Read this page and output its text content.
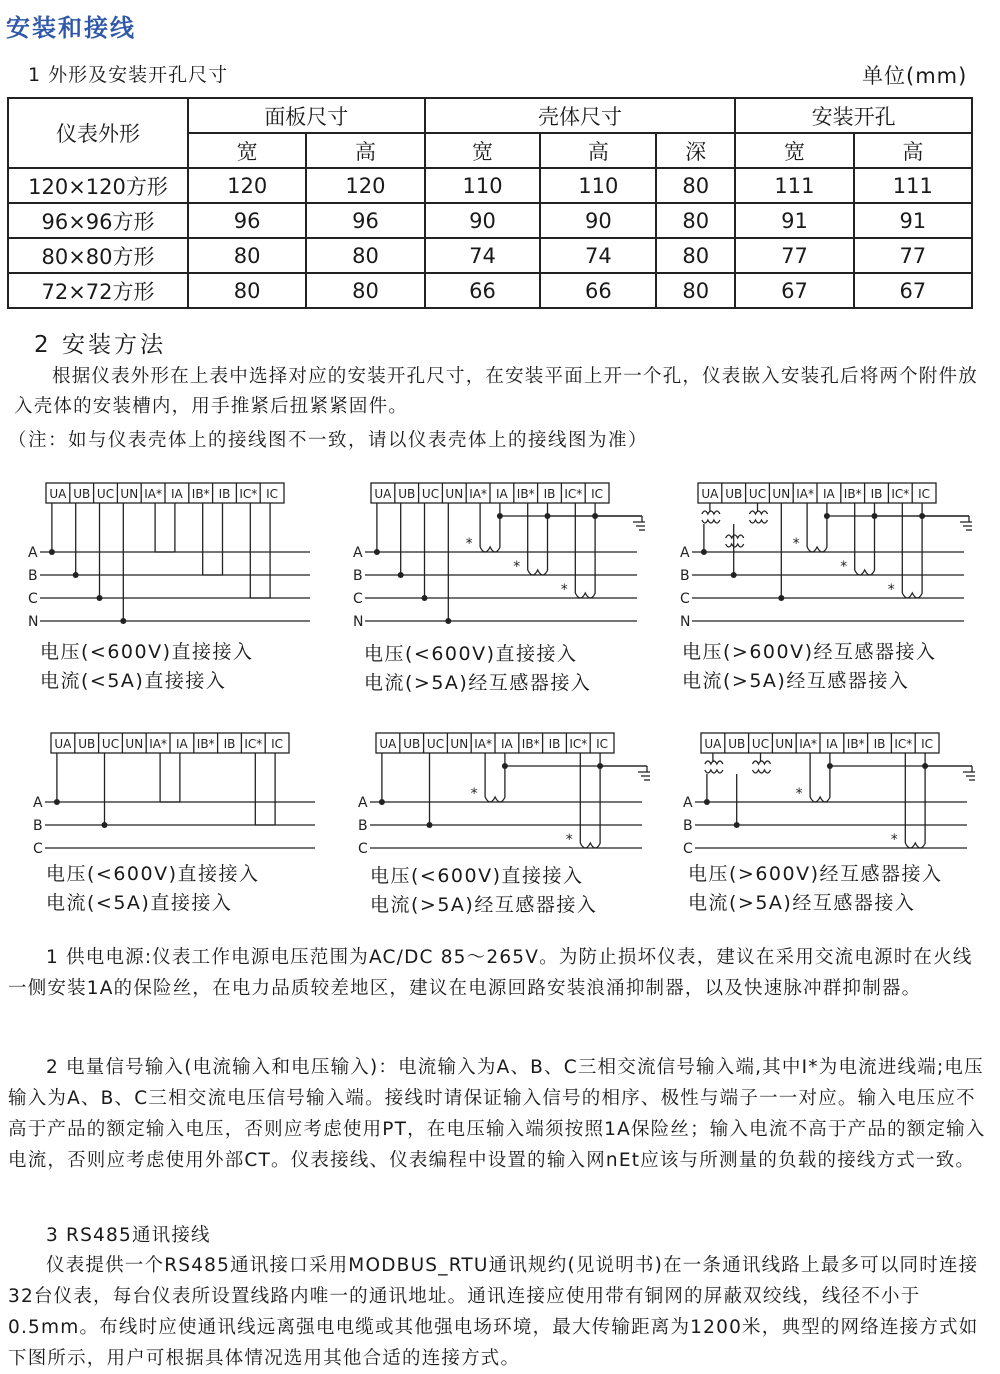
安装和接线
1 外形及安装开孔尺寸	单位(mm)
仪表外形	面板尺寸		壳体尺寸			安装开孔	
	宽	高	宽	高	深	宽	高
120×120方形	120	120	110	110	80	111	111
96×96方形	96	96	90	90	80	91	91
80×80方形	80	80	74	74	80	77	77
72×72方形	80	80	66	66	80	67	67
2 安装方法
根据仪表外形在上表中选择对应的安装开孔尺寸，在安装平面上开一个孔，仪表嵌入安装孔后将两个附件放入壳体的安装槽内，用手推紧后扭紧紧固件。
（注：如与仪表壳体上的接线图不一致，请以仪表壳体上的接线图为准）
UA UB UC UN IA* IA IB* IB IC* IC
A
B
C
N
UA UB UC UN IA* IA IB* IB IC* IC
A
B
C
N
*
*
*
UA UB UC UN IA* IA IB* IB IC* IC
A
B
C
N
*
*
*
UA UB UC UN IA* IA IB* IB IC* IC
A
B
C
UA UB UC UN IA* IA IB* IB IC* IC
A
B
C
*
*
UA UB UC UN IA* IA IB* IB IC* IC
A
B
C
*
*
电压(<600V)直接接入
电流(<5A)直接接入
电压(<600V)直接接入
电流(>5A)经互感器接入
电压(>600V)经互感器接入
电流(>5A)经互感器接入
电压(<600V)直接接入
电流(<5A)直接接入
电压(<600V)直接接入
电流(>5A)经互感器接入
电压(>600V)经互感器接入
电流(>5A)经互感器接入
1 供电电源:仪表工作电源电压范围为AC/DC 85～265V。为防止损坏仪表，建议在采用交流电源时在火线一侧安装1A的保险丝，在电力品质较差地区，建议在电源回路安装浪涌抑制器，以及快速脉冲群抑制器。
2 电量信号输入(电流输入和电压输入)：电流输入为A、B、C三相交流信号输入端,其中I*为电流进线端;电压输入为A、B、C三相交流电压信号输入端。接线时请保证输入信号的相序、极性与端子一一对应。输入电压应不高于产品的额定输入电压，否则应考虑使用PT，在电压输入端须按照1A保险丝；输入电流不高于产品的额定输入电流，否则应考虑使用外部CT。仪表接线、仪表编程中设置的输入网nEt应该与所测量的负载的接线方式一致。
3 RS485通讯接线
仪表提供一个RS485通讯接口采用MODBUS_RTU通讯规约(见说明书)在一条通讯线路上最多可以同时连接32台仪表，每台仪表所设置线路内唯一的通讯地址。通讯连接应使用带有铜网的屏蔽双绞线，线径不小于0.5mm。布线时应使通讯线远离强电电缆或其他强电场环境，最大传输距离为1200米，典型的网络连接方式如下图所示，用户可根据具体情况选用其他合适的连接方式。
